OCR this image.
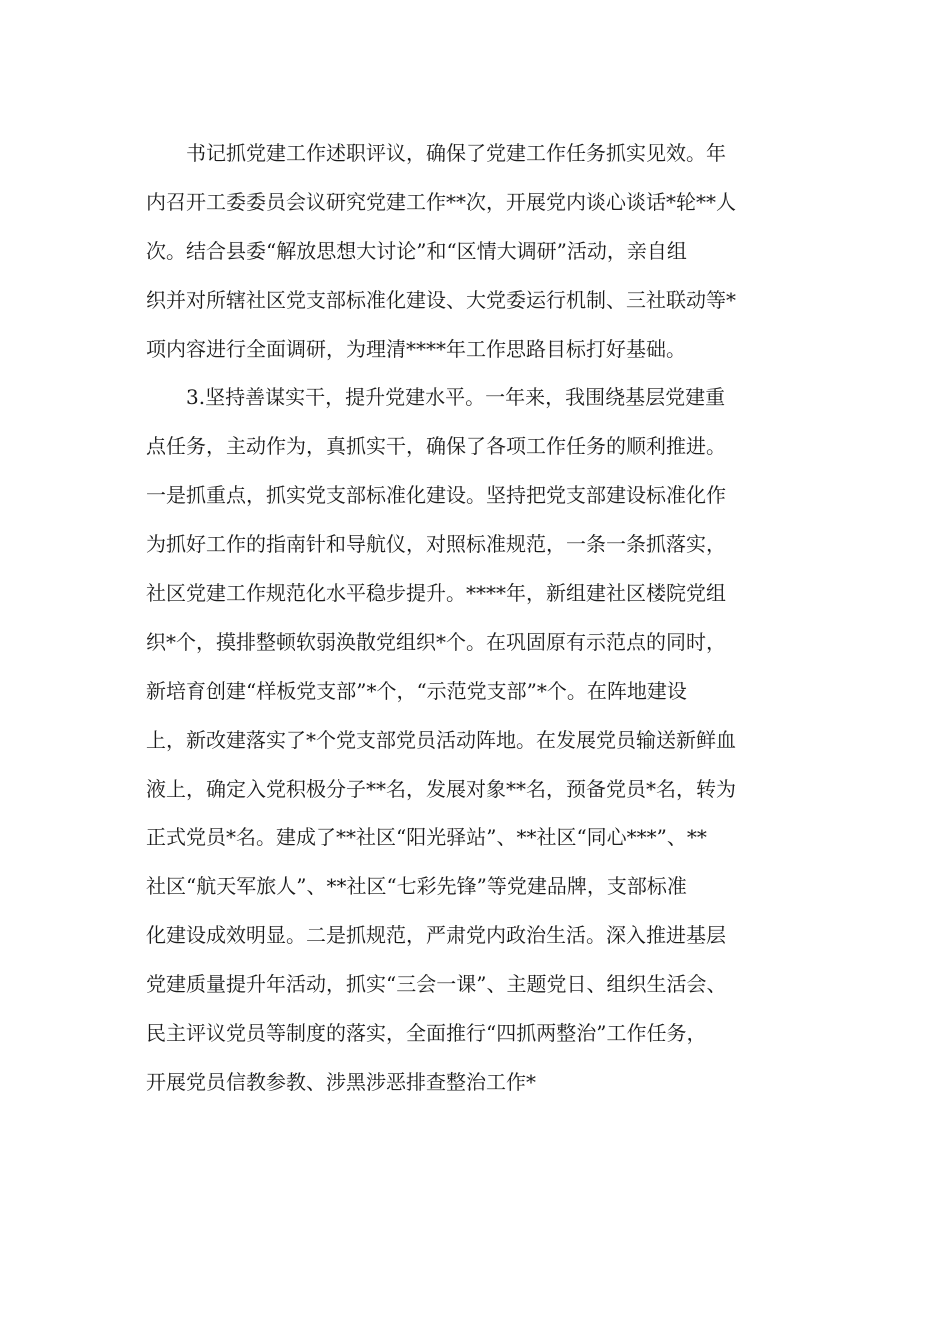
　　书记抓党建工作述职评议，确保了党建工作任务抓实见效。年
内召开工委委员会议研究党建工作**次，开展党内谈心谈话*轮**人
次。结合县委“解放思想大讨论”和“区情大调研”活动，亲自组
织并对所辖社区党支部标准化建设、大党委运行机制、三社联动等*
项内容进行全面调研，为理清****年工作思路目标打好基础。
　　3.坚持善谋实干，提升党建水平。一年来，我围绕基层党建重
点任务，主动作为，真抓实干，确保了各项工作任务的顺利推进。
一是抓重点，抓实党支部标准化建设。坚持把党支部建设标准化作
为抓好工作的指南针和导航仪，对照标准规范，一条一条抓落实，
社区党建工作规范化水平稳步提升。****年，新组建社区楼院党组
织*个，摸排整顿软弱涣散党组织*个。在巩固原有示范点的同时，
新培育创建“样板党支部”*个，“示范党支部”*个。在阵地建设
上，新改建落实了*个党支部党员活动阵地。在发展党员输送新鲜血
液上，确定入党积极分子**名，发展对象**名，预备党员*名，转为
正式党员*名。建成了**社区“阳光驿站”、**社区“同心***”、**
社区“航天军旅人”、**社区“七彩先锋”等党建品牌，支部标准
化建设成效明显。二是抓规范，严肃党内政治生活。深入推进基层
党建质量提升年活动，抓实“三会一课”、主题党日、组织生活会、
民主评议党员等制度的落实，全面推行“四抓两整治”工作任务，
开展党员信教参教、涉黑涉恶排查整治工作*
